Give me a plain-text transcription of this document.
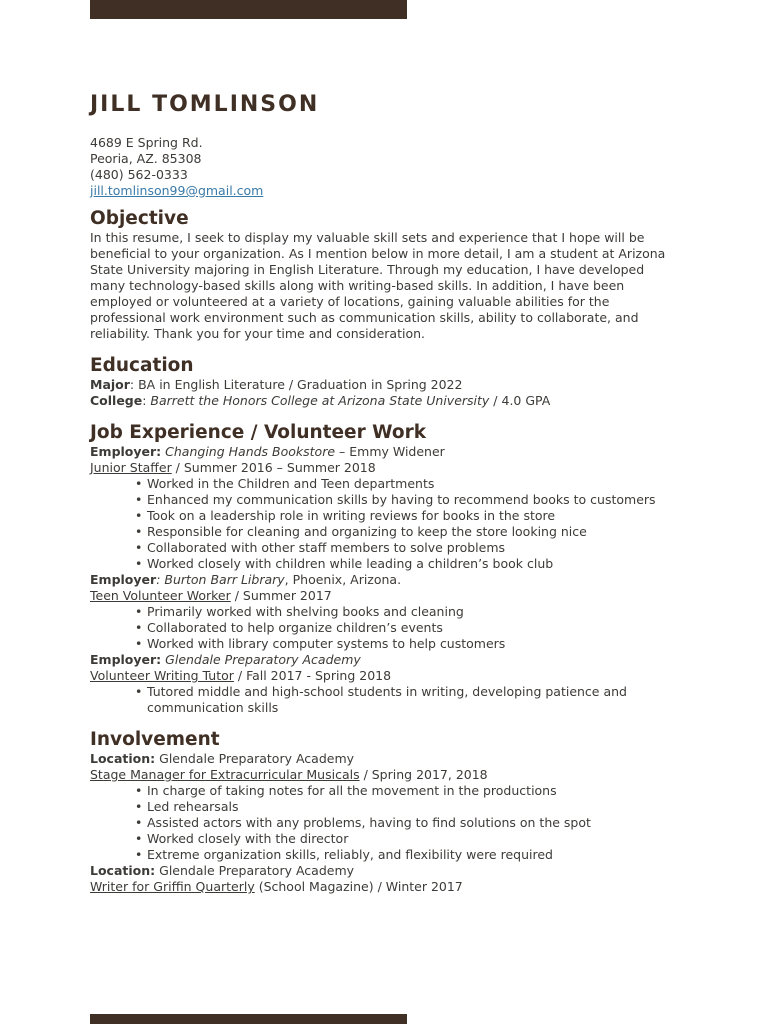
JILL TOMLINSON
4689 E Spring Rd.
Peoria, AZ. 85308
(480) 562-0333
jill.tomlinson99@gmail.com
Objective

In this resume, I seek to display my valuable skill sets and experience that I hope will be beneficial to your organization. As I mention below in more detail, I am a student at Arizona State University majoring in English Literature. Through my education, I have developed many technology-based skills along with writing-based skills. In addition, I have been employed or volunteered at a variety of locations, gaining valuable abilities for the professional work environment such as communication skills, ability to collaborate, and reliability. Thank you for your time and consideration.

Education
Major: BA in English Literature / Graduation in Spring 2022
College: Barrett the Honors College at Arizona State University / 4.0 GPA
Job Experience / Volunteer Work
Employer: Changing Hands Bookstore – Emmy Widener
Junior Staffer / Summer 2016 – Summer 2018
• Worked in the Children and Teen departments
• Enhanced my communication skills by having to recommend books to customers
• Took on a leadership role in writing reviews for books in the store
• Responsible for cleaning and organizing to keep the store looking nice
• Collaborated with other staff members to solve problems
• Worked closely with children while leading a children’s book club
Employer: Burton Barr Library, Phoenix, Arizona.
Teen Volunteer Worker / Summer 2017
• Primarily worked with shelving books and cleaning
• Collaborated to help organize children’s events
• Worked with library computer systems to help customers
Employer: Glendale Preparatory Academy
Volunteer Writing Tutor / Fall 2017 - Spring 2018
• Tutored middle and high-school students in writing, developing patience and communication skills
Involvement
Location: Glendale Preparatory Academy
Stage Manager for Extracurricular Musicals / Spring 2017, 2018
• In charge of taking notes for all the movement in the productions
• Led rehearsals
• Assisted actors with any problems, having to find solutions on the spot
• Worked closely with the director
• Extreme organization skills, reliably, and flexibility were required
Location: Glendale Preparatory Academy
Writer for Griffin Quarterly (School Magazine) / Winter 2017
